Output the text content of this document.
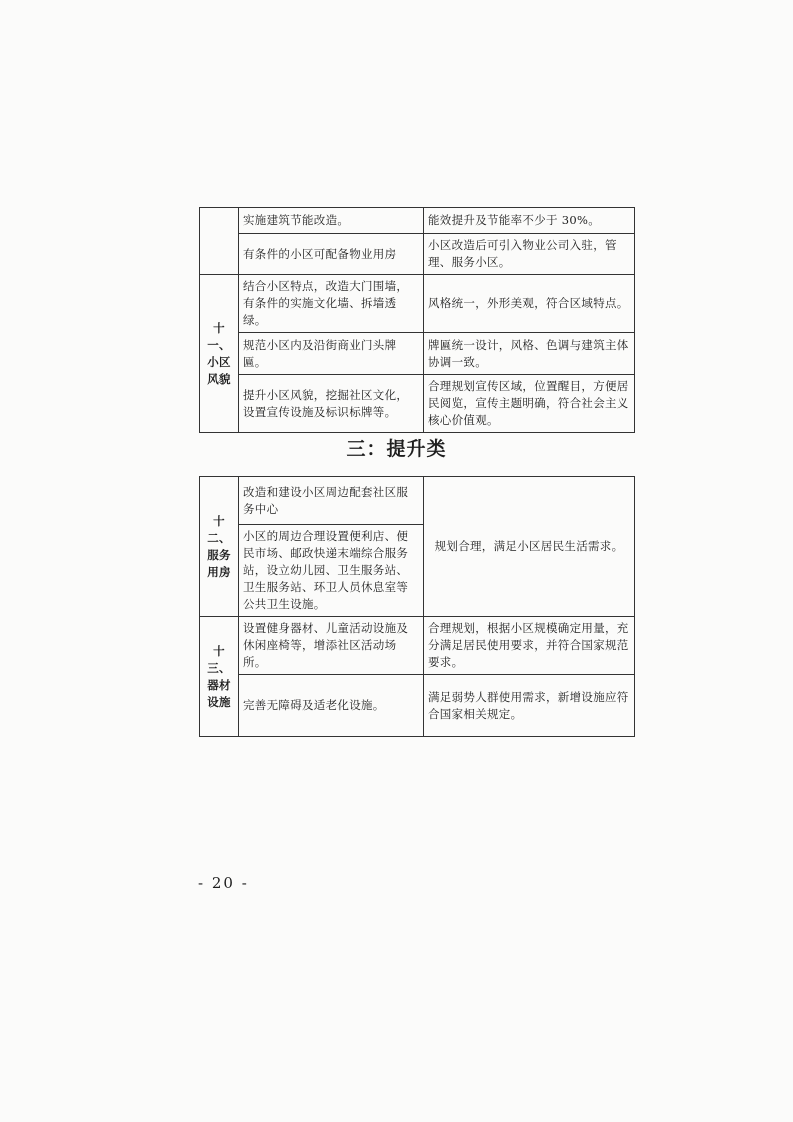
	实施建筑节能改造。	能效提升及节能率不少于 30%。
	有条件的小区可配备物业用房	小区改造后可引入物业公司入驻，管理、服务小区。
十一、小区风貌	结合小区特点，改造大门围墙，有条件的实施文化墙、拆墙透绿。	风格统一，外形美观，符合区域特点。
	规范小区内及沿街商业门头牌匾。	牌匾统一设计，风格、色调与建筑主体协调一致。
	提升小区风貌，挖掘社区文化，设置宣传设施及标识标牌等。	合理规划宣传区域，位置醒目，方便居民阅览，宣传主题明确，符合社会主义核心价值观。
三：提升类
十二、服务用房	改造和建设小区周边配套社区服务中心	规划合理，满足小区居民生活需求。
	小区的周边合理设置便利店、便民市场、邮政快递末端综合服务站，设立幼儿园、卫生服务站、卫生服务站、环卫人员休息室等公共卫生设施。	
十三、器材设施	设置健身器材、儿童活动设施及休闲座椅等，增添社区活动场所。	合理规划，根据小区规模确定用量，充分满足居民使用要求，并符合国家规范要求。
	完善无障碍及适老化设施。	满足弱势人群使用需求，新增设施应符合国家相关规定。
- 20 -
